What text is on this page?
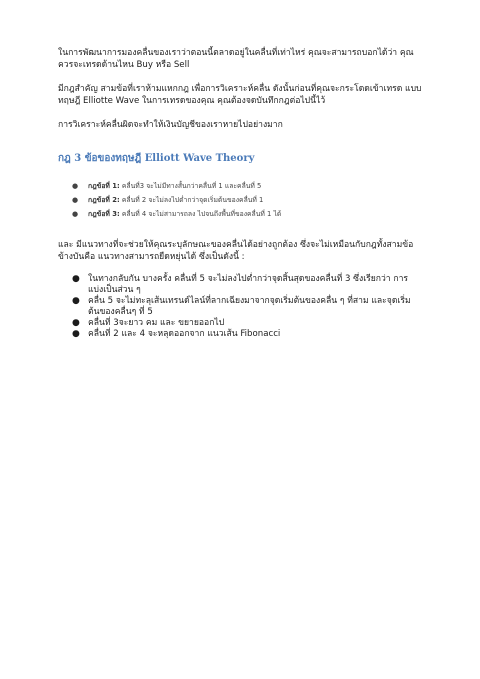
ในการพัฒนาการมองคลื่นของเราว่าตอนนี้ตลาดอยู่ในคลื่นที่เท่าไหร่ คุณจะสามารถบอกได้ว่า คุณควรจะเทรดด้านไหน Buy หรือ Sell

มีกฎสำคัญ สามข้อที่เราห้ามแหกกฎ เพื่อการวิเคราะห์คลื่น ดังนั้นก่อนที่คุณจะกระโดดเข้าเทรด แบบทฤษฎี Elliotte Wave ในการเทรดของคุณ คุณต้องจดบันทึกกฎต่อไปนี้ไว้

การวิเคราะห์คลื่นผิดจะทำให้เงินบัญชีของเราหายไปอย่างมาก

กฎ 3 ข้อของทฤษฎี Elliott Wave Theory
● กฎข้อที่ 1: คลื่นที่3 จะไม่มีทางสั้นกว่าคลื่นที่ 1 และคลื่นที่ 5
● กฎข้อที่ 2: คลื่นที่ 2 จะไม่ลงไปต่ำกว่าจุดเริ่มต้นของคลื่นที่ 1
● กฎข้อที่ 3: คลื่นที่ 4 จะไม่สามารถลง ไปจนถึงพื้นที่ของคลื่นที่ 1 ได้

และ มีแนวทางที่จะช่วยให้คุณระบุลักษณะของคลื่นได้อย่างถูกต้อง ซึ่งจะไม่เหมือนกับกฎทั้งสามข้อ ข้างบันคือ แนวทางสามารถยืดหยุ่นได้ ซึ่งเป็นดังนี้ :

● ในทางกลับกัน บางครั้ง คลื่นที่ 5 จะไม่ลงไปต่ำกว่าจุดสิ้นสุดของคลื่นที่ 3 ซึ่งเรียกว่า การแบ่งเป็นส่วน ๆ
● คลื่น 5 จะไม่ทะลุเส้นเทรนด์ไลน์ที่ลากเฉียงมาจากจุดเริ่มต้นของคลื่น ๆ ที่สาม และจุดเริ่มต้นของคลื่นๆ ที่ 5
● คลื่นที่ 3จะยาว คม และ ขยายออกไป
● คลื่นที่ 2 และ 4 จะหลุดออกจาก แนวเส้น Fibonacci
